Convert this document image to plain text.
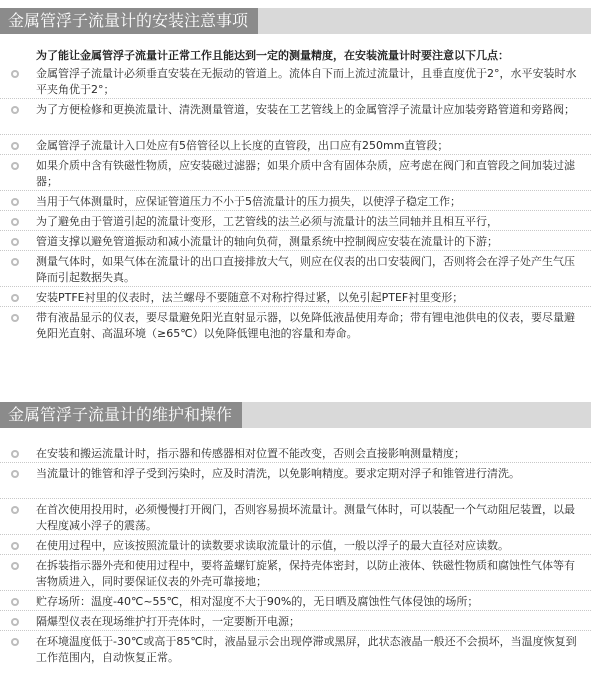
金属管浮子流量计的安装注意事项
为了能让金属管浮子流量计正常工作且能达到一定的测量精度，在安装流量计时要注意以下几点：
金属管浮子流量计必须垂直安装在无振动的管道上。流体自下而上流过流量计，且垂直度优于2°，水平安装时水平夹角优于2°；
为了方便检修和更换流量计、清洗测量管道，安装在工艺管线上的金属管浮子流量计应加装旁路管道和旁路阀；
金属管浮子流量计入口处应有5倍管径以上长度的直管段，出口应有250mm直管段；
如果介质中含有铁磁性物质，应安装磁过滤器；如果介质中含有固体杂质，应考虑在阀门和直管段之间加装过滤器；
当用于气体测量时，应保证管道压力不小于5倍流量计的压力损失，以使浮子稳定工作；
为了避免由于管道引起的流量计变形，工艺管线的法兰必须与流量计的法兰同轴并且相互平行，
管道支撑以避免管道振动和减小流量计的轴向负荷，测量系统中控制阀应安装在流量计的下游；
测量气体时，如果气体在流量计的出口直接排放大气，则应在仪表的出口安装阀门，否则将会在浮子处产生气压降而引起数据失真。
安装PTFE衬里的仪表时，法兰螺母不要随意不对称拧得过紧，以免引起PTEF衬里变形；
带有液晶显示的仪表，要尽量避免阳光直射显示器，以免降低液晶使用寿命；带有锂电池供电的仪表，要尽量避免阳光直射、高温环境（≥65℃）以免降低锂电池的容量和寿命。
金属管浮子流量计的维护和操作
在安装和搬运流量计时，指示器和传感器相对位置不能改变，否则会直接影响测量精度；
当流量计的锥管和浮子受到污染时，应及时清洗，以免影响精度。要求定期对浮子和锥管进行清洗。
在首次使用投用时，必须慢慢打开阀门，否则容易损坏流量计。测量气体时，可以装配一个气动阻尼装置，以最大程度减小浮子的震荡。
在使用过程中，应该按照流量计的读数要求读取流量计的示值，一般以浮子的最大直径对应读数。
在拆装指示器外壳和使用过程中，要将盖螺钉旋紧，保持壳体密封，以防止液体、铁磁性物质和腐蚀性气体等有害物质进入，同时要保证仪表的外壳可靠接地；
贮存场所：温度-40℃~55℃，相对湿度不大于90%的，无日晒及腐蚀性气体侵蚀的场所；
隔爆型仪表在现场维护打开壳体时，一定要断开电源；
在环境温度低于-30℃或高于85℃时，液晶显示会出现停滞或黑屏，此状态液晶一般还不会损坏，当温度恢复到工作范围内，自动恢复正常。
